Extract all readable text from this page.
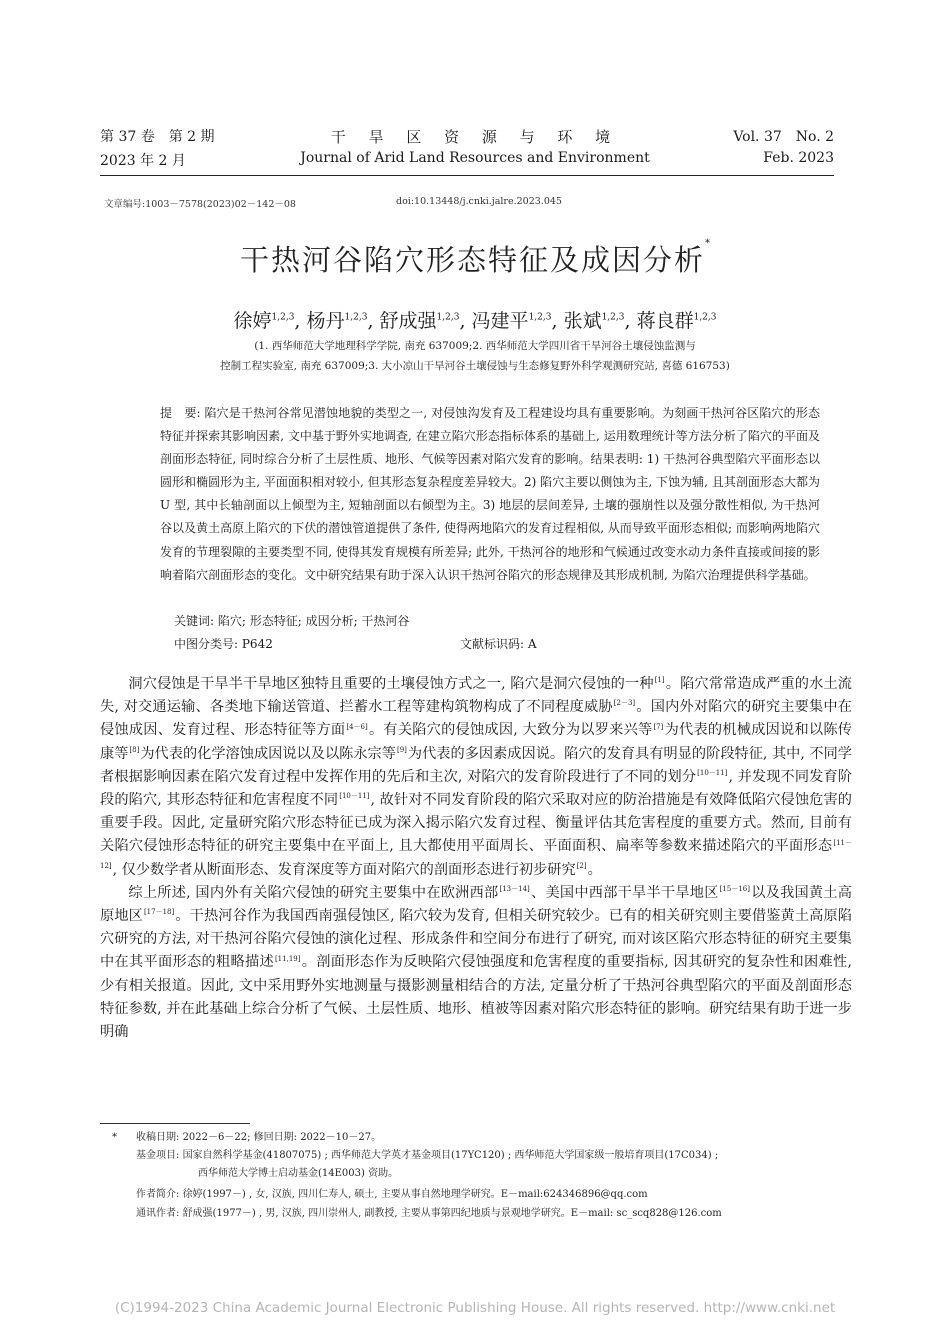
第 37 卷　第 2 期	干 旱 区 资 源 与 环 境	Vol. 37　No. 2
2023 年 2 月	Journal of Arid Land Resources and Environment	Feb. 2023
文章编号:1003－7578(2023)02－142－08	doi:10.13448/j.cnki.jalre.2023.045
干热河谷陷穴形态特征及成因分析*
徐婷$^{1,2,3}$, 杨丹$^{1,2,3}$, 舒成强$^{1,2,3}$, 冯建平$^{1,2,3}$, 张斌$^{1,2,3}$, 蒋良群$^{1,2,3}$
(1. 西华师范大学地理科学学院, 南充 637009;2. 西华师范大学四川省干旱河谷土壤侵蚀监测与
控制工程实验室, 南充 637009;3. 大小凉山干旱河谷土壤侵蚀与生态修复野外科学观测研究站, 喜德 616753)

提　要: 陷穴是干热河谷常见潜蚀地貌的类型之一, 对侵蚀沟发育及工程建设均具有重要影响。为刻画干热河谷区陷穴的形态特征并探索其影响因素, 文中基于野外实地调查, 在建立陷穴形态指标体系的基础上, 运用数理统计等方法分析了陷穴的平面及剖面形态特征, 同时综合分析了土层性质、地形、气候等因素对陷穴发育的影响。结果表明: 1) 干热河谷典型陷穴平面形态以圆形和椭圆形为主, 平面面积相对较小, 但其形态复杂程度差异较大。2) 陷穴主要以侧蚀为主, 下蚀为辅, 且其剖面形态大都为 U 型, 其中长轴剖面以上倾型为主, 短轴剖面以右倾型为主。3) 地层的层间差异, 土壤的强崩性以及强分散性相似, 为干热河谷以及黄土高原上陷穴的下伏的潜蚀管道提供了条件, 使得两地陷穴的发育过程相似, 从而导致平面形态相似; 而影响两地陷穴发育的节理裂隙的主要类型不同, 使得其发育规模有所差异; 此外, 干热河谷的地形和气候通过改变水动力条件直接或间接的影响着陷穴剖面形态的变化。文中研究结果有助于深入认识干热河谷陷穴的形态规律及其形成机制, 为陷穴治理提供科学基础。

关键词: 陷穴; 形态特征; 成因分析; 干热河谷
中图分类号: P642	文献标识码: A

洞穴侵蚀是干旱半干旱地区独特且重要的土壤侵蚀方式之一, 陷穴是洞穴侵蚀的一种[1]。陷穴常常造成严重的水土流失, 对交通运输、各类地下输送管道、拦蓄水工程等建构筑物构成了不同程度威胁[2－3]。国内外对陷穴的研究主要集中在侵蚀成因、发育过程、形态特征等方面[4－6]。有关陷穴的侵蚀成因, 大致分为以罗来兴等[7]为代表的机械成因说和以陈传康等[8]为代表的化学溶蚀成因说以及以陈永宗等[9]为代表的多因素成因说。陷穴的发育具有明显的阶段特征, 其中, 不同学者根据影响因素在陷穴发育过程中发挥作用的先后和主次, 对陷穴的发育阶段进行了不同的划分[10－11], 并发现不同发育阶段的陷穴, 其形态特征和危害程度不同[10－11], 故针对不同发育阶段的陷穴采取对应的防治措施是有效降低陷穴侵蚀危害的重要手段。因此, 定量研究陷穴形态特征已成为深入揭示陷穴发育过程、衡量评估其危害程度的重要方式。然而, 目前有关陷穴侵蚀形态特征的研究主要集中在平面上, 且大都使用平面周长、平面面积、扁率等参数来描述陷穴的平面形态[11－12], 仅少数学者从断面形态、发育深度等方面对陷穴的剖面形态进行初步研究[2]。

综上所述, 国内外有关陷穴侵蚀的研究主要集中在欧洲西部[13－14]、美国中西部干旱半干旱地区[15－16]以及我国黄土高原地区[17－18]。干热河谷作为我国西南强侵蚀区, 陷穴较为发育, 但相关研究较少。已有的相关研究则主要借鉴黄土高原陷穴研究的方法, 对干热河谷陷穴侵蚀的演化过程、形成条件和空间分布进行了研究, 而对该区陷穴形态特征的研究主要集中在其平面形态的粗略描述[11,19]。剖面形态作为反映陷穴侵蚀强度和危害程度的重要指标, 因其研究的复杂性和困难性, 少有相关报道。因此, 文中采用野外实地测量与摄影测量相结合的方法, 定量分析了干热河谷典型陷穴的平面及剖面形态特征参数, 并在此基础上综合分析了气候、土层性质、地形、植被等因素对陷穴形态特征的影响。研究结果有助于进一步明确

* 收稿日期: 2022－6－22; 修回日期: 2022－10－27。
基金项目: 国家自然科学基金(41807075) ; 西华师范大学英才基金项目(17YC120) ; 西华师范大学国家级一般培育项目(17C034) ;
西华师范大学博士启动基金(14E003) 资助。
作者简介: 徐婷(1997－) , 女, 汉族, 四川仁寿人, 硕士, 主要从事自然地理学研究。E－mail:624346896@qq.com
通讯作者: 舒成强(1977－) , 男, 汉族, 四川崇州人, 副教授, 主要从事第四纪地质与景观地学研究。E－mail: sc_scq828@126.com
(C)1994-2023 China Academic Journal Electronic Publishing House. All rights reserved. http://www.cnki.net
